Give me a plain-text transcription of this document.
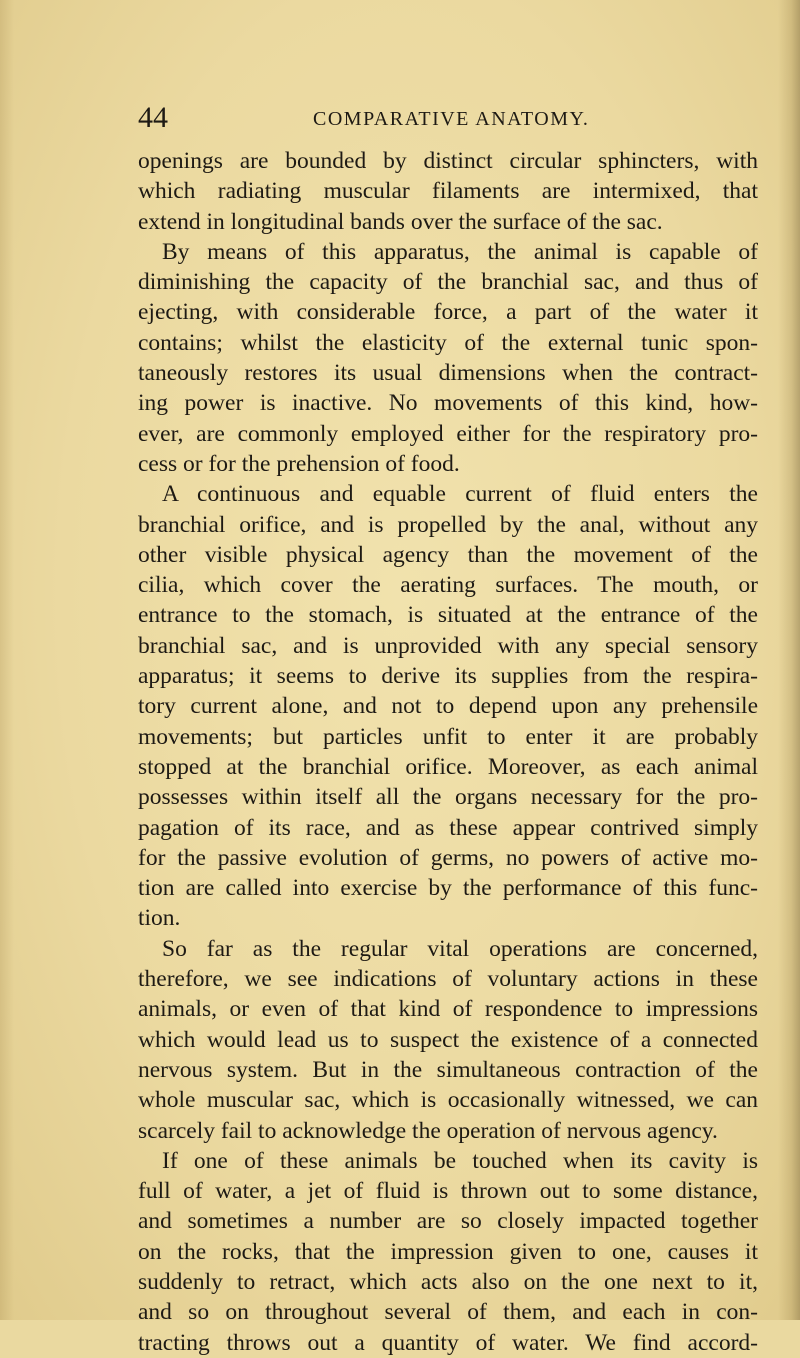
44	COMPARATIVE ANATOMY.
openings are bounded by distinct circular sphincters, with
which radiating muscular filaments are intermixed, that
extend in longitudinal bands over the surface of the sac.
By means of this apparatus, the animal is capable of
diminishing the capacity of the branchial sac, and thus of
ejecting, with considerable force, a part of the water it
contains; whilst the elasticity of the external tunic spon-
taneously restores its usual dimensions when the contract-
ing power is inactive. No movements of this kind, how-
ever, are commonly employed either for the respiratory pro-
cess or for the prehension of food.
A continuous and equable current of fluid enters the
branchial orifice, and is propelled by the anal, without any
other visible physical agency than the movement of the
cilia, which cover the aerating surfaces. The mouth, or
entrance to the stomach, is situated at the entrance of the
branchial sac, and is unprovided with any special sensory
apparatus; it seems to derive its supplies from the respira-
tory current alone, and not to depend upon any prehensile
movements; but particles unfit to enter it are probably
stopped at the branchial orifice. Moreover, as each animal
possesses within itself all the organs necessary for the pro-
pagation of its race, and as these appear contrived simply
for the passive evolution of germs, no powers of active mo-
tion are called into exercise by the performance of this func-
tion.
So far as the regular vital operations are concerned,
therefore, we see indications of voluntary actions in these
animals, or even of that kind of respondence to impressions
which would lead us to suspect the existence of a connected
nervous system. But in the simultaneous contraction of the
whole muscular sac, which is occasionally witnessed, we can
scarcely fail to acknowledge the operation of nervous agency.
If one of these animals be touched when its cavity is
full of water, a jet of fluid is thrown out to some distance,
and sometimes a number are so closely impacted together
on the rocks, that the impression given to one, causes it
suddenly to retract, which acts also on the one next to it,
and so on throughout several of them, and each in con-
tracting throws out a quantity of water. We find accord-
